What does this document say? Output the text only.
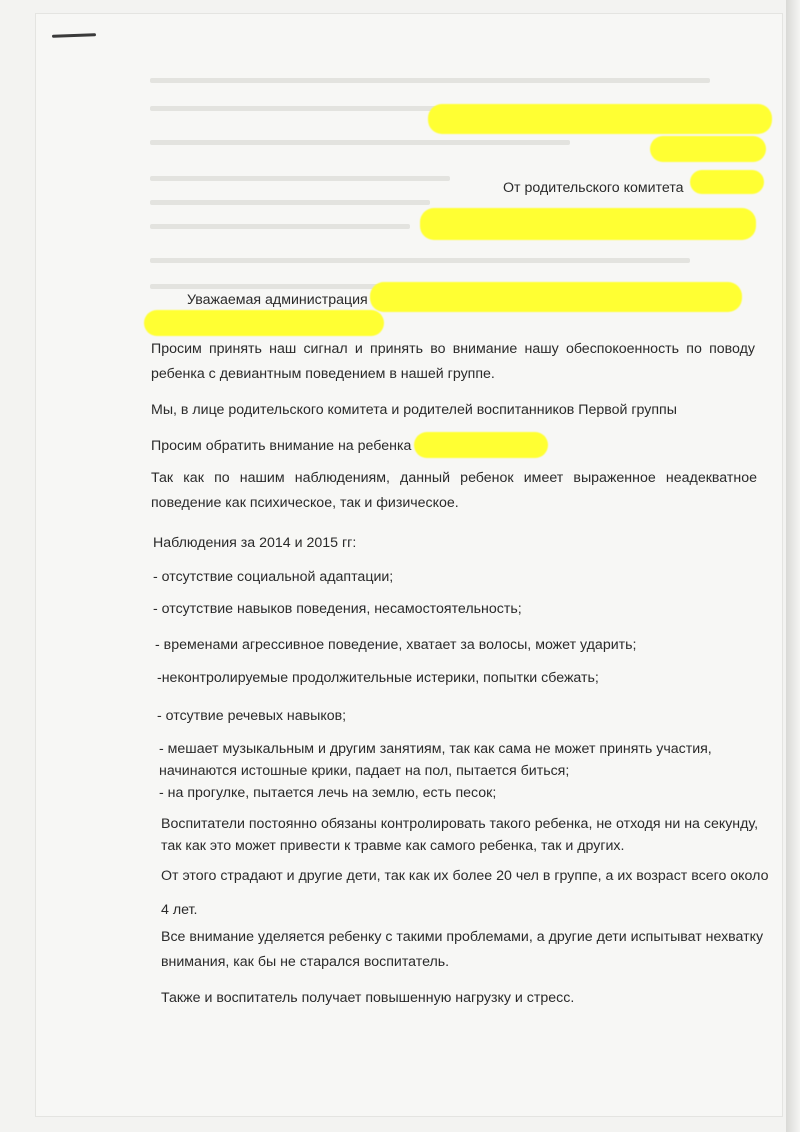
От родительского комитета
Уважаемая администрация
Просим принять наш сигнал и принять во внимание нашу обеспокоенность по поводу
ребенка с девиантным поведением в нашей группе.
Мы, в лице родительского комитета и родителей воспитанников Первой группы
Просим обратить внимание на ребенка
Так как по нашим наблюдениям, данный ребенок имеет выраженное неадекватное
поведение как психическое, так и физическое.
Наблюдения за 2014 и 2015 гг:
- отсутствие социальной адаптации;
- отсутствие навыков поведения, несамостоятельность;
- временами агрессивное поведение, хватает за волосы, может ударить;
-неконтролируемые продолжительные истерики, попытки сбежать;
- отсутвие речевых навыков;
- мешает музыкальным и другим занятиям, так как сама не может принять участия,
начинаются истошные крики, падает на пол, пытается биться;
- на прогулке, пытается лечь на землю, есть песок;
Воспитатели постоянно обязаны контролировать такого ребенка, не отходя ни на секунду,
так как это может привести к травме как самого ребенка, так и других.
От этого страдают и другие дети, так как их более 20 чел в группе, а их возраст всего около
4 лет.
Все внимание уделяется ребенку с такими проблемами, а другие дети испытыват нехватку
внимания, как бы не старался воспитатель.
Также и воспитатель получает повышенную нагрузку и стресс.
